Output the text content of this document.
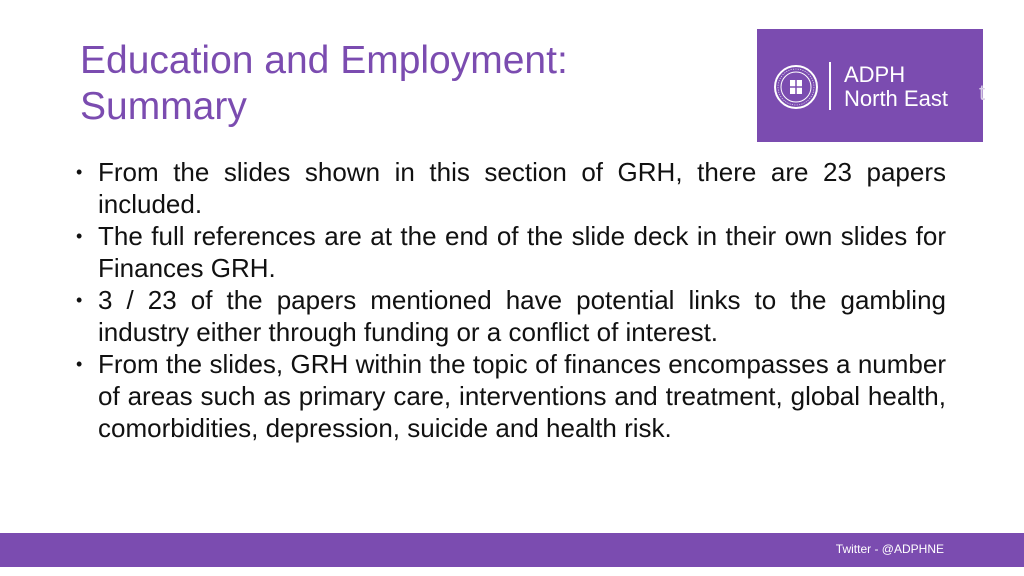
Education and Employment:
Summary
ADPH
North East t
• From the slides shown in this section of GRH, there are 23 papers included.
• The full references are at the end of the slide deck in their own slides for Finances GRH.
• 3 / 23 of the papers mentioned have potential links to the gambling industry either through funding or a conflict of interest.
• From the slides, GRH within the topic of finances encompasses a number of areas such as primary care, interventions and treatment, global health, comorbidities, depression, suicide and health risk.
Twitter - @ADPHNE
